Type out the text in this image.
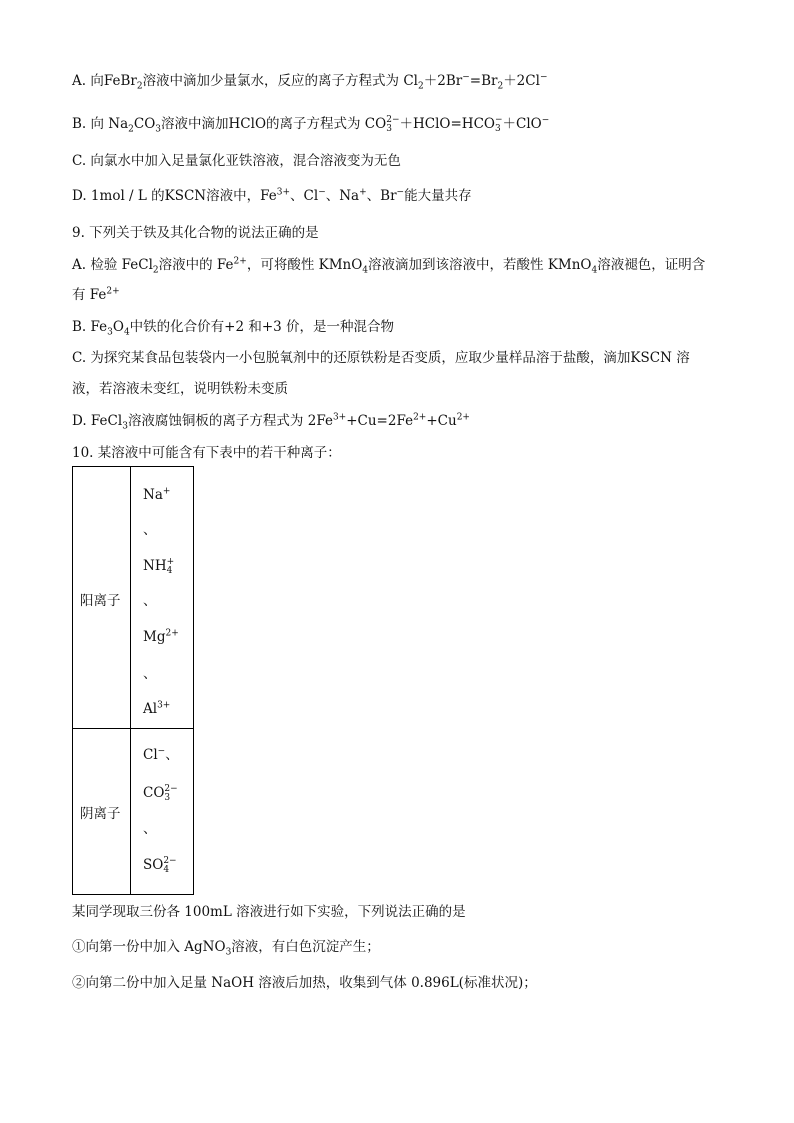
A. 向FeBr$_2$溶液中滴加少量氯水，反应的离子方程式为 $Cl_2+2Br^-=Br_2+2Cl^-$
B. 向 $Na_2CO_3$溶液中滴加HClO的离子方程式为 CO 2−
3 ＋HClO=HCO −
3 ＋ClO−
C. 向氯水中加入足量氯化亚铁溶液，混合溶液变为无色
D. 1mol / L 的KSCN溶液中，$Fe^{3+}$、Cl−、Na+、Br−能大量共存
9. 下列关于铁及其化合物的说法正确的是
A. 检验 FeCl$_2$溶液中的 $Fe^{2+}$，可将酸性 KMnO$_4$溶液滴加到该溶液中，若酸性 KMnO$_4$溶液褪色，证明含
有 $Fe^{2+}$
B. $Fe_3O_4$中铁的化合价有+2 和+3 价，是一种混合物
C. 为探究某食品包装袋内一小包脱氧剂中的还原铁粉是否变质，应取少量样品溶于盐酸，滴加KSCN 溶
液，若溶液未变红，说明铁粉未变质
D. FeCl$_3$溶液腐蚀铜板的离子方程式为 $2Fe^{3+}+Cu=2Fe^{2+}+Cu^{2+}$
10. 某溶液中可能含有下表中的若干种离子：
阳离子
阴离子
Na+
、
NH +
4
、
$Mg^{2+}$
、
$Al^{3+}$
Cl−、
CO 2−
3
、
SO 2−
4
某同学现取三份各 100mL 溶液进行如下实验，下列说法正确的是
①向第一份中加入 AgNO$_3$溶液，有白色沉淀产生；
②向第二份中加入足量 NaOH 溶液后加热，收集到气体 0.896L(标准状况)；
